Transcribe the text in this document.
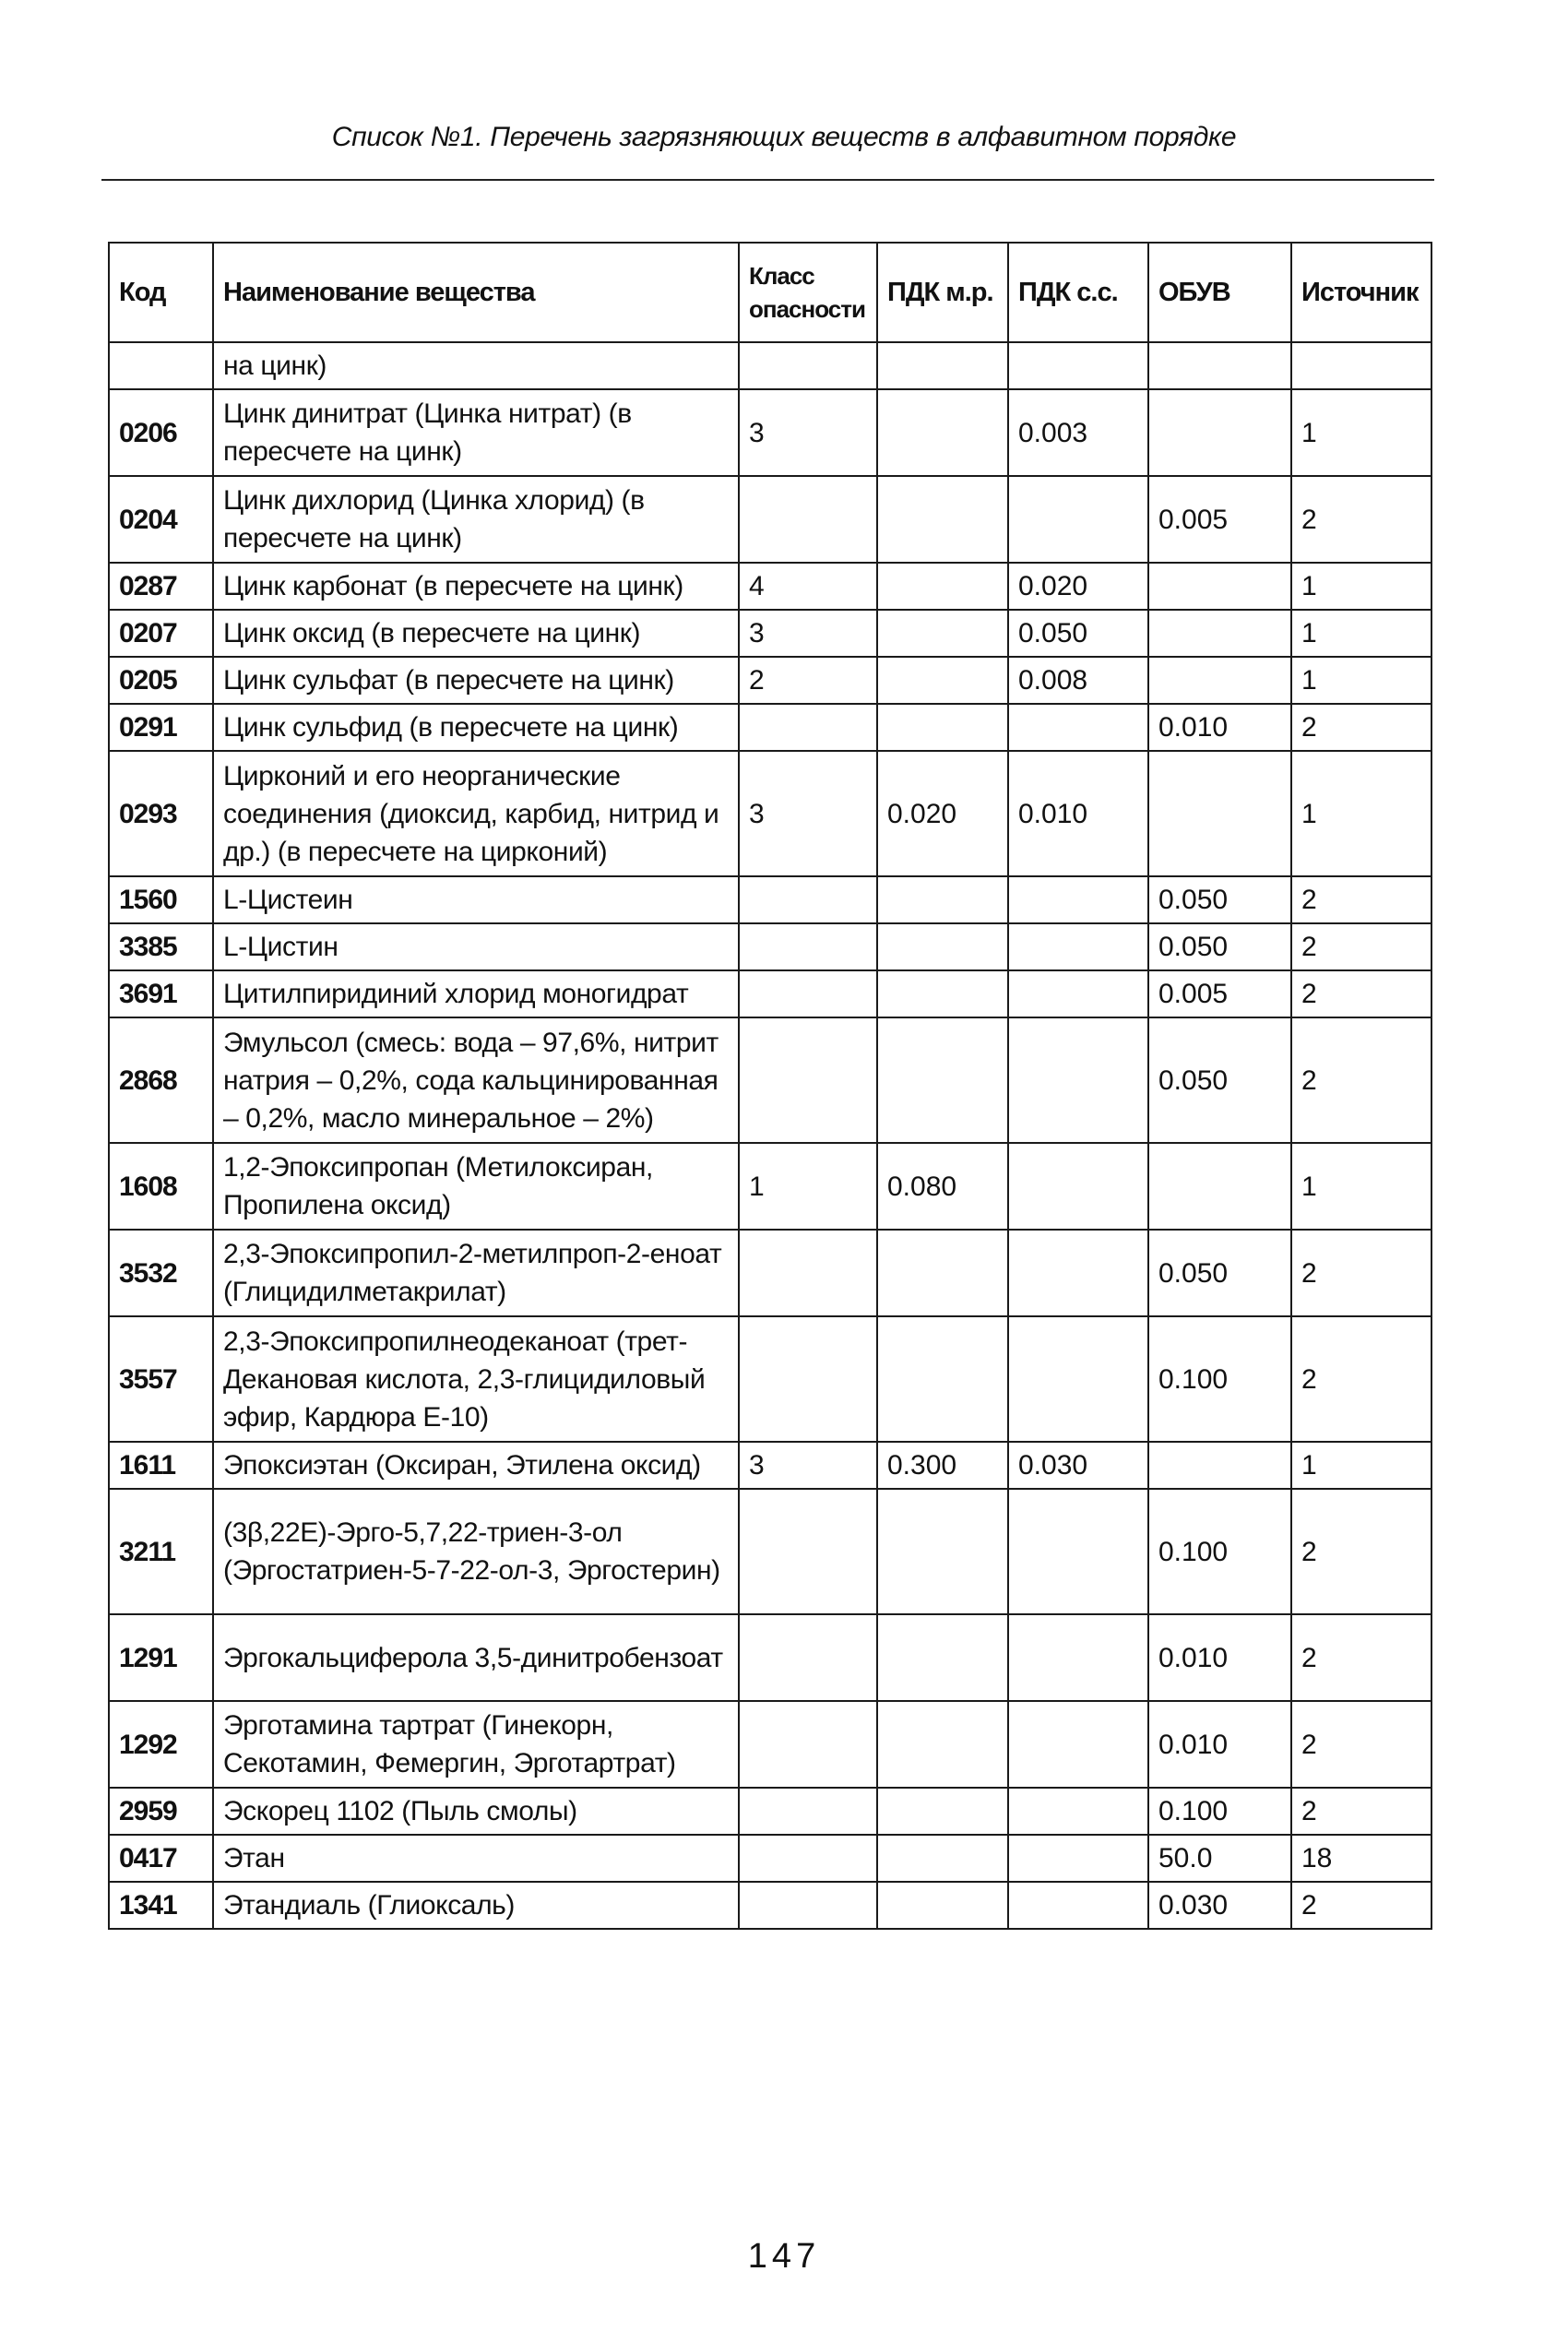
Список №1. Перечень загрязняющих веществ в алфавитном порядке
Код	Наименование вещества	Класс опасности	ПДК м.р.	ПДК с.с.	ОБУВ	Источник
	на цинк)					
0206	Цинк динитрат (Цинка нитрат) (в пересчете на цинк)	3		0.003		1
0204	Цинк дихлорид (Цинка хлорид) (в пересчете на цинк)				0.005	2
0287	Цинк карбонат (в пересчете на цинк)	4		0.020		1
0207	Цинк оксид (в пересчете на цинк)	3		0.050		1
0205	Цинк сульфат (в пересчете на цинк)	2		0.008		1
0291	Цинк сульфид (в пересчете на цинк)				0.010	2
0293	Цирконий и его неорганические соединения (диоксид, карбид, нитрид и др.) (в пересчете на цирконий)	3	0.020	0.010		1
1560	L-Цистеин				0.050	2
3385	L-Цистин				0.050	2
3691	Цитилпиридиний хлорид моногидрат				0.005	2
2868	Эмульсол (смесь: вода – 97,6%, нитрит натрия – 0,2%, сода кальцинированная – 0,2%, масло минеральное – 2%)				0.050	2
1608	1,2-Эпоксипропан (Метилоксиран, Пропилена оксид)	1	0.080			1
3532	2,3-Эпоксипропил-2-метилпроп-2-еноат (Глицидилметакрилат)				0.050	2
3557	2,3-Эпоксипропилнеодеканоат (трет-Декановая кислота, 2,3-глицидиловый эфир, Кардюра Е-10)				0.100	2
1611	Эпоксиэтан (Оксиран, Этилена оксид)	3	0.300	0.030		1
3211	(3β,22Е)-Эрго-5,7,22-триен-3-ол (Эргостатриен-5-7-22-ол-3, Эргостерин)				0.100	2
1291	Эргокальциферола 3,5-динитробензоат				0.010	2
1292	Эрготамина тартрат (Гинекорн, Секотамин, Фемергин, Эрготартрат)				0.010	2
2959	Эскорец 1102 (Пыль смолы)				0.100	2
0417	Этан				50.0	18
1341	Этандиаль (Глиоксаль)				0.030	2
147
